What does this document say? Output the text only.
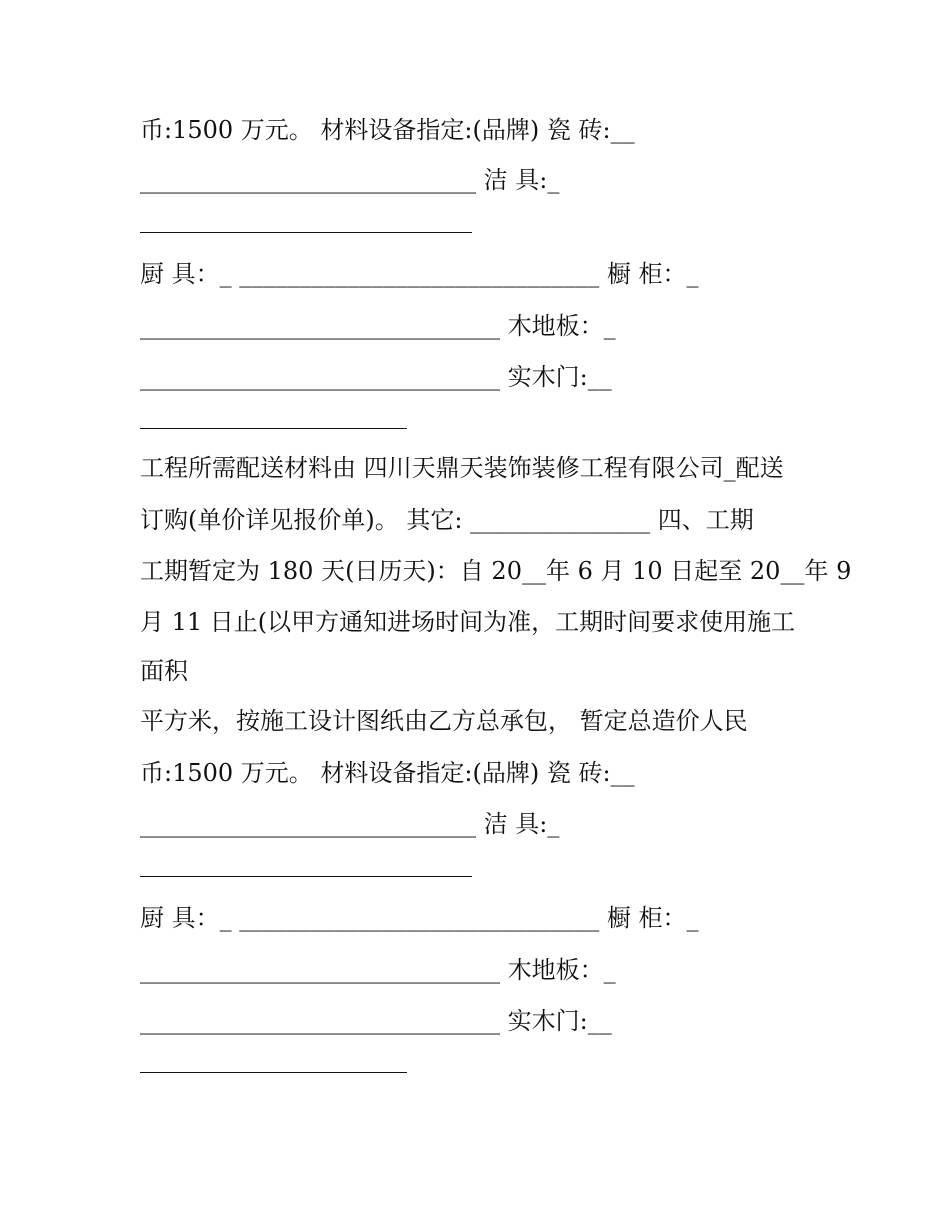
币:1500 万元。 材料设备指定:(品牌) 瓷 砖:__
____________________________ 洁 具:_
厨 具：_ ______________________________ 橱 柜：_
______________________________ 木地板：_
______________________________ 实木门:__
工程所需配送材料由 四川天鼎天装饰装修工程有限公司_配送
订购(单价详见报价单)。 其它: _______________ 四、工期
工期暂定为 180 天(日历天)：自 20__年 6 月 10 日起至 20__年 9
月 11 日止(以甲方通知进场时间为准，工期时间要求使用施工
面积
平方米，按施工设计图纸由乙方总承包， 暂定总造价人民
币:1500 万元。 材料设备指定:(品牌) 瓷 砖:__
____________________________ 洁 具:_
厨 具：_ ______________________________ 橱 柜：_
______________________________ 木地板：_
______________________________ 实木门:__
